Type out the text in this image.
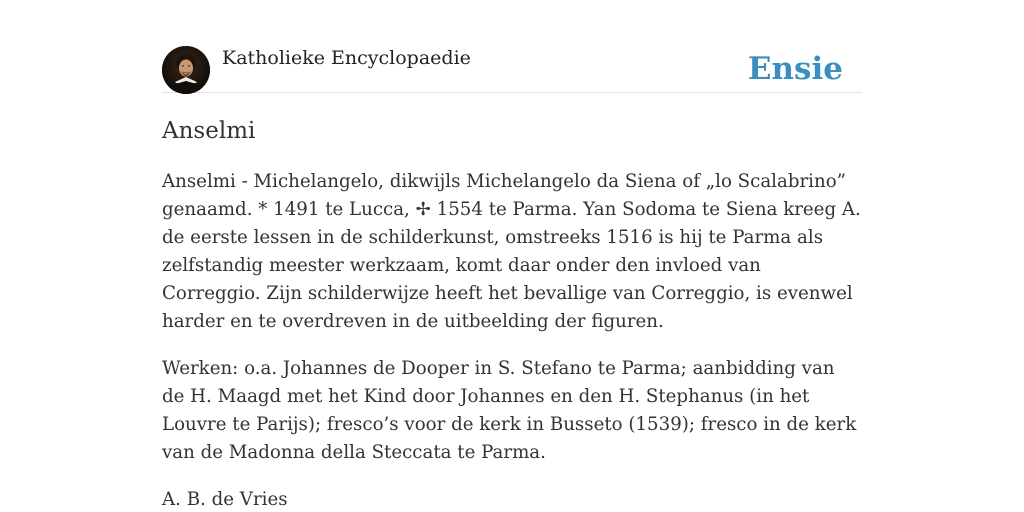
Katholieke Encyclopaedie	Ensie
Anselmi

Anselmi - Michelangelo, dikwijls Michelangelo da Siena of „lo Scalabrino” genaamd. * 1491 te Lucca, ✢ 1554 te Parma. Yan Sodoma te Siena kreeg A. de eerste lessen in de schilderkunst, omstreeks 1516 is hij te Parma als zelfstandig meester werkzaam, komt daar onder den invloed van Correggio. Zijn schilderwijze heeft het bevallige van Correggio, is evenwel harder en te overdreven in de uitbeelding der figuren.

Werken: o.a. Johannes de Dooper in S. Stefano te Parma; aanbidding van de H. Maagd met het Kind door Johannes en den H. Stephanus (in het Louvre te Parijs); fresco’s voor de kerk in Busseto (1539); fresco in de kerk van de Madonna della Steccata te Parma.

A. B. de Vries
